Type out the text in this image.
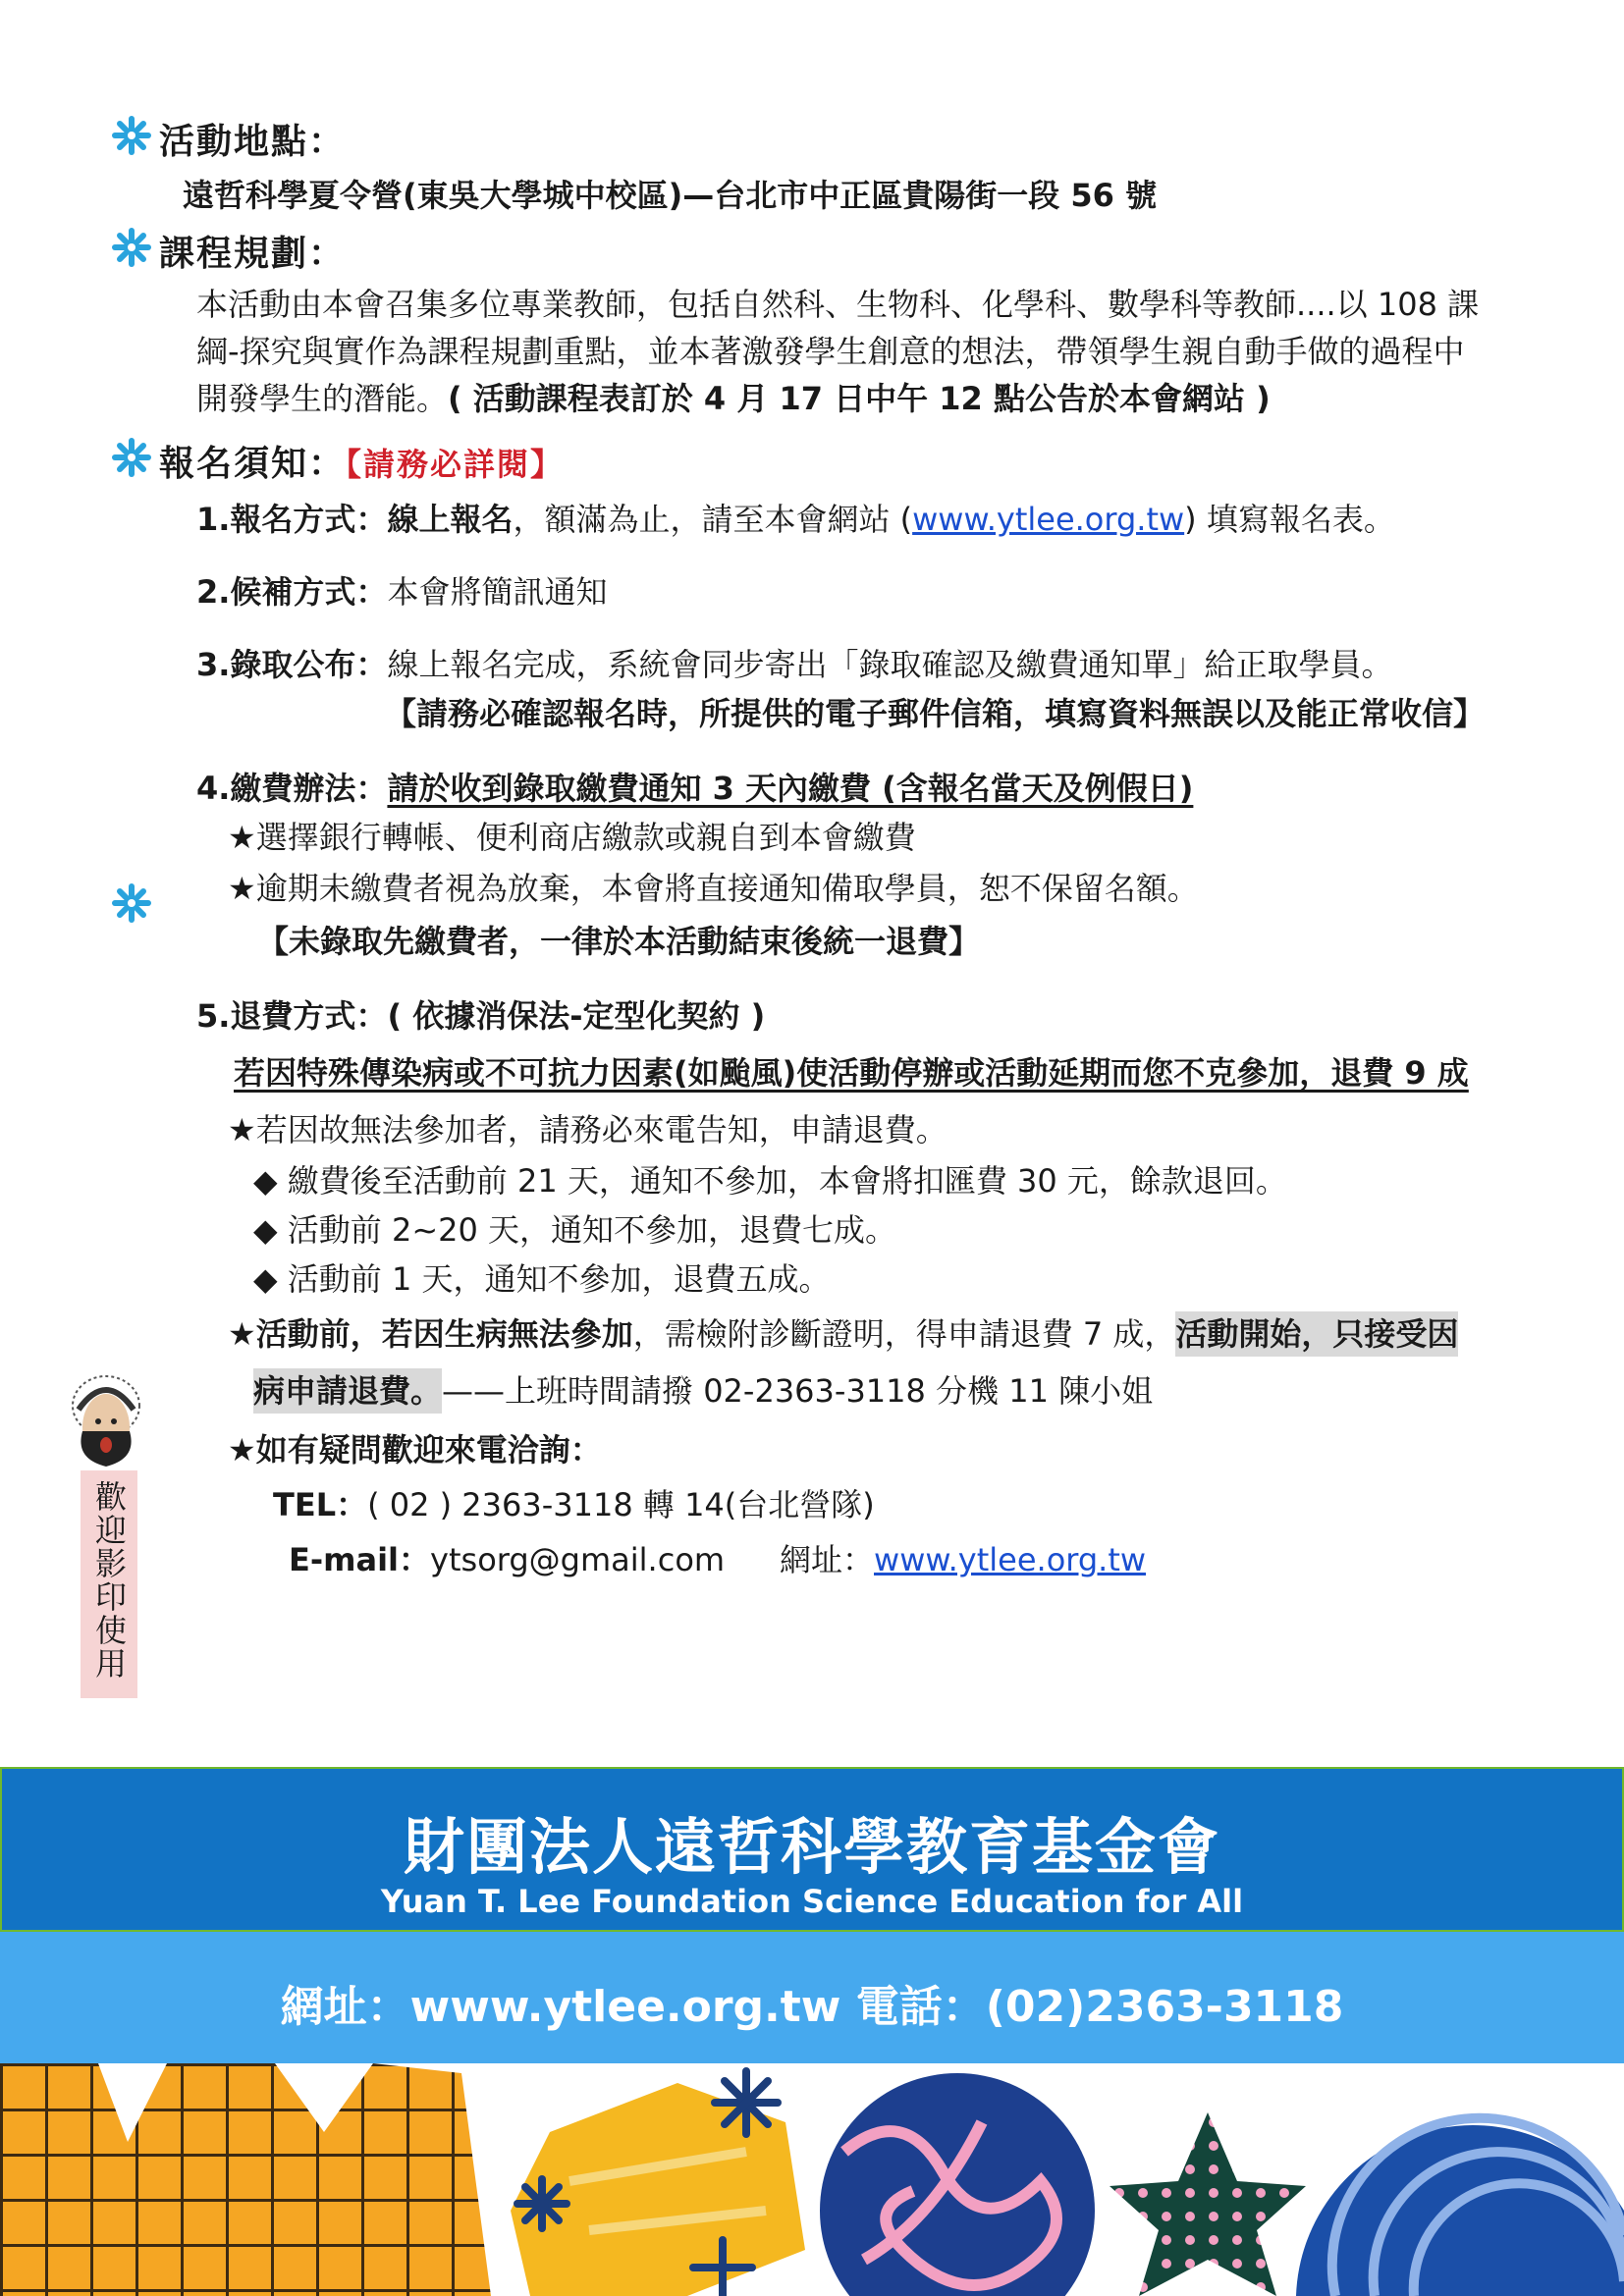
活動地點：
遠哲科學夏令營(東吳大學城中校區)—台北市中正區貴陽街一段 56 號
課程規劃：
本活動由本會召集多位專業教師，包括自然科、生物科、化學科、數學科等教師....以 108 課
綱-探究與實作為課程規劃重點，並本著激發學生創意的想法，帶領學生親自動手做的過程中
開發學生的潛能。( 活動課程表訂於 4 月 17 日中午 12 點公告於本會網站 )
報名須知：【請務必詳閱】
1.報名方式：線上報名，額滿為止，請至本會網站 (www.ytlee.org.tw) 填寫報名表。
2.候補方式：本會將簡訊通知
3.錄取公布：線上報名完成，系統會同步寄出「錄取確認及繳費通知單」給正取學員。
【請務必確認報名時，所提供的電子郵件信箱，填寫資料無誤以及能正常收信】
4.繳費辦法：請於收到錄取繳費通知 3 天內繳費 (含報名當天及例假日)
★選擇銀行轉帳、便利商店繳款或親自到本會繳費
★逾期未繳費者視為放棄，本會將直接通知備取學員，恕不保留名額。
【未錄取先繳費者，一律於本活動結束後統一退費】
5.退費方式：( 依據消保法-定型化契約 )
若因特殊傳染病或不可抗力因素(如颱風)使活動停辦或活動延期而您不克參加，退費 9 成
★若因故無法參加者，請務必來電告知，申請退費。
◆ 繳費後至活動前 21 天，通知不參加，本會將扣匯費 30 元，餘款退回。
◆ 活動前 2~20 天，通知不參加，退費七成。
◆ 活動前 1 天，通知不參加，退費五成。
★活動前，若因生病無法參加，需檢附診斷證明，得申請退費 7 成，活動開始，只接受因
病申請退費。——上班時間請撥 02-2363-3118 分機 11 陳小姐
★如有疑問歡迎來電洽詢：
TEL：( 02 ) 2363-3118 轉 14(台北營隊)
E-mail：ytsorg@gmail.com 網址：www.ytlee.org.tw
歡迎影印使用
財團法人遠哲科學教育基金會
Yuan T. Lee Foundation Science Education for All
網址：www.ytlee.org.tw 電話：(02)2363-3118
